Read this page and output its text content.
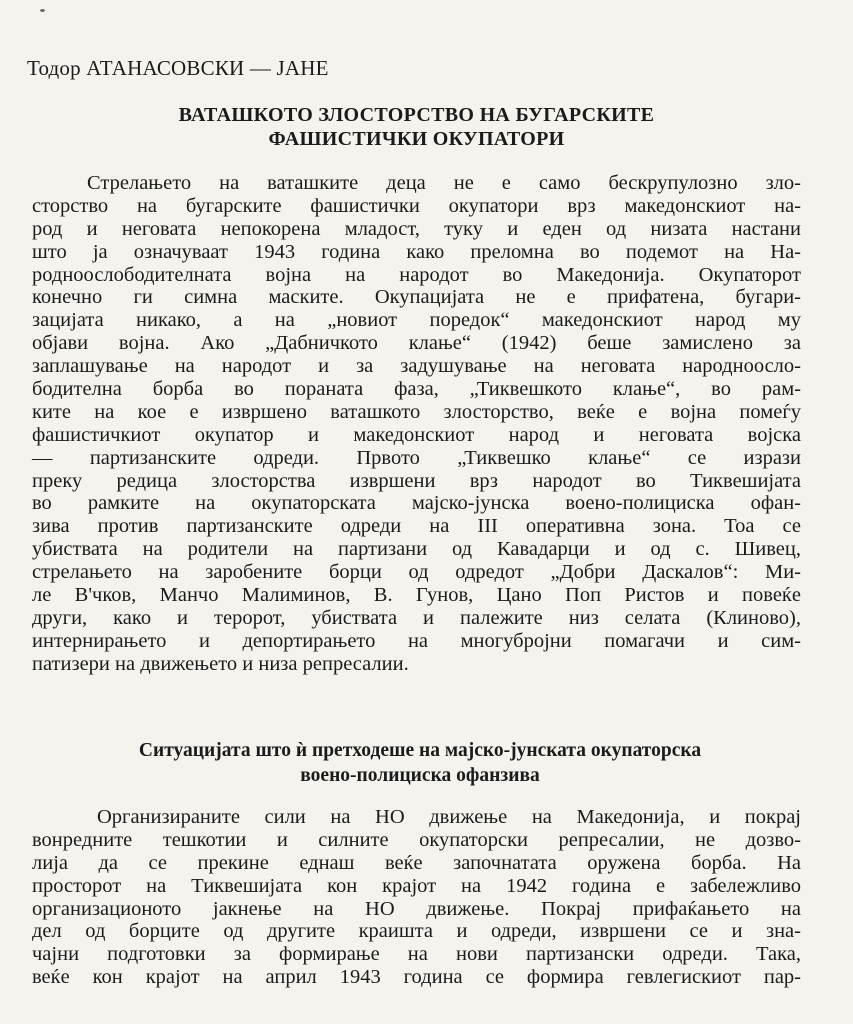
Тодор АТАНАСОВСКИ — ЈАНЕ
ВАТАШКОТО ЗЛОСТОРСТВО НА БУГАРСКИТЕ
ФАШИСТИЧКИ ОКУПАТОРИ
Стрелањето на ваташките деца не е само бескрупулозно зло-
сторство на бугарските фашистички окупатори врз македонскиот на-
род и неговата непокорена младост, туку и еден од низата настани
што ја означуваат 1943 година како преломна во подемот на На-
роднoослободителната војна на народот во Македонија. Окупаторот
конечно ги симна маските. Окупацијата не е прифатена, бугари-
зацијата никако, а на „новиот поредок“ македонскиот народ му
објави војна. Ако „Дабничкото клање“ (1942) беше замислено за
заплашување на народот и за задушување на неговата народноосло-
бодителна борба во пораната фаза, „Тиквешкото клање“, во рам-
ките на кое е извршено ваташкото злосторство, веќе е војна помеѓу
фашистичкиот окупатор и македонскиот народ и неговата војска
— партизанските одреди. Првото „Тиквешко клање“ се изрази
преку редица злосторства извршени врз народот во Тиквешијата
во рамките на окупаторската мајско-јунска воено-полициска офан-
зива против партизанските одреди на III оперативна зона. Тоа се
убиствата на родители на партизани од Кавадарци и од с. Шивец,
стрелањето на заробените борци од одредот „Добри Даскалов“: Ми-
ле В'чков, Манчо Малиминов, В. Гунов, Цано Поп Ристов и повеќе
други, како и теророт, убиствата и палежите низ селата (Клиново),
интернирањето и депортирањето на многубројни помагачи и сим-
патизери на движењето и низа репресалии.
Ситуацијата што ѝ претходеше на мајско-јунската окупаторска
воено-полициска офанзива
Организираните сили на НО движење на Македонија, и покрај
вонредните тешкотии и силните окупаторски репресалии, не дозво-
лија да се прекине еднаш веќе започнатата оружена борба. На
просторот на Тиквешијата кон крајот на 1942 година е забележливо
организационото јакнење на НО движење. Покрај прифаќањето на
дел од борците од другите краишта и одреди, извршени се и зна-
чајни подготовки за формирање на нови партизански одреди. Така,
веќе кон крајот на април 1943 година се формира гевлегискиот пар-
